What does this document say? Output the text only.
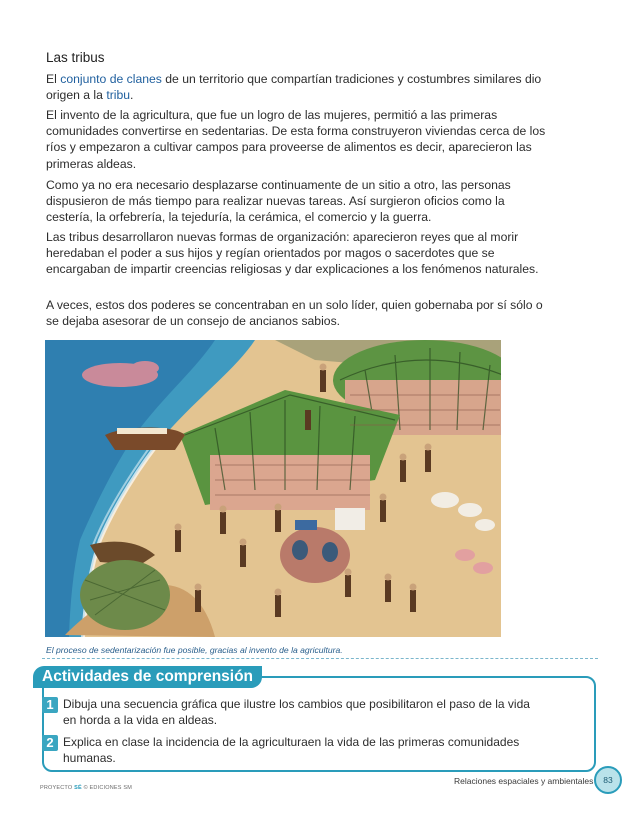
Las tribus

El conjunto de clanes de un territorio que compartían tradiciones y costumbres similares dio origen a la tribu.

El invento de la agricultura, que fue un logro de las mujeres, permitió a las primeras comunidades convertirse en sedentarias. De esta forma construyeron viviendas cerca de los ríos y empezaron a cultivar campos para proveerse de alimentos es decir, aparecieron las primeras aldeas.

Como ya no era necesario desplazarse continuamente de un sitio a otro, las personas dispusieron de más tiempo para realizar nuevas tareas. Así surgieron oficios como la cestería, la orfebrería, la tejeduría, la cerámica, el comercio y la guerra.

Las tribus desarrollaron nuevas formas de organización: aparecieron reyes que al morir heredaban el poder a sus hijos y regían orientados por magos o sacerdotes que se encargaban de impartir creencias religiosas y dar explicaciones a los fenómenos naturales.

A veces, estos dos poderes se concentraban en un solo líder, quien gobernaba por sí sólo o se dejaba asesorar de un consejo de ancianos sabios.

El proceso de sedentarización fue posible, gracias al invento de la agricultura.
Actividades de comprensión
1 Dibuja una secuencia gráfica que ilustre los cambios que posibilitaron el paso de la vida en horda a la vida en aldeas.
2 Explica en clase la incidencia de la agriculturaen la vida de las primeras comunidades humanas.
PROYECTO SÉ © EDICIONES SM
Relaciones espaciales y ambientales	83
